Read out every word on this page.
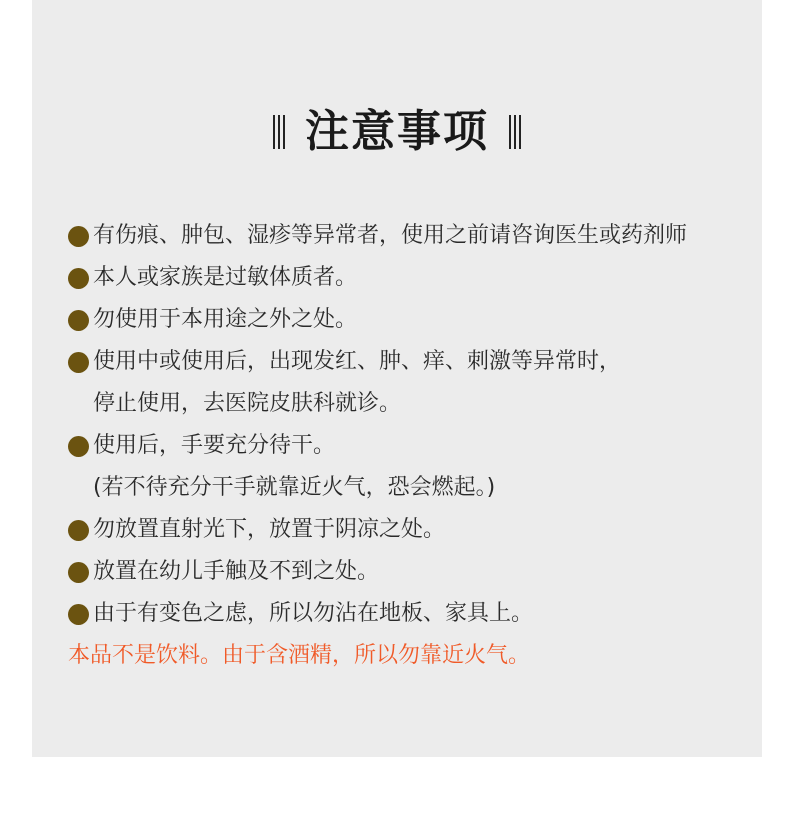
注意事项
有伤痕、肿包、湿疹等异常者，使用之前请咨询医生或药剂师
本人或家族是过敏体质者。
勿使用于本用途之外之处。
使用中或使用后，出现发红、肿、痒、刺激等异常时，
停止使用，去医院皮肤科就诊。
使用后，手要充分待干。
(若不待充分干手就靠近火气，恐会燃起。)
勿放置直射光下，放置于阴凉之处。
放置在幼儿手触及不到之处。
由于有变色之虑，所以勿沾在地板、家具上。
本品不是饮料。由于含酒精，所以勿靠近火气。
